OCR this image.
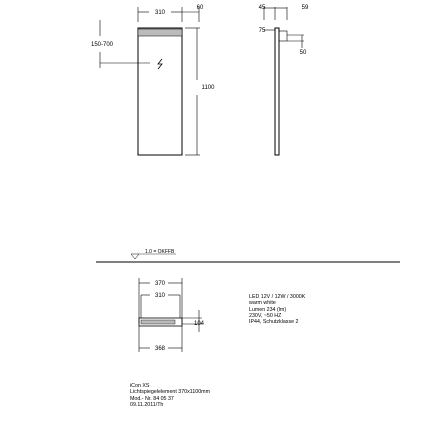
310
60
150-700
1100
45	59
75
50
1.0 = OKFFB
370
310
104
368
LED 12V / 12W / 3000K
warm white
Lumen 234 (lm)
230V, ~50 HZ
IP44, Schutzklasse 2
iCon XS
Lichtspiegelelement 370x1100mm
Mod.- Nr. 84 05 37
09.11.2011/Th
